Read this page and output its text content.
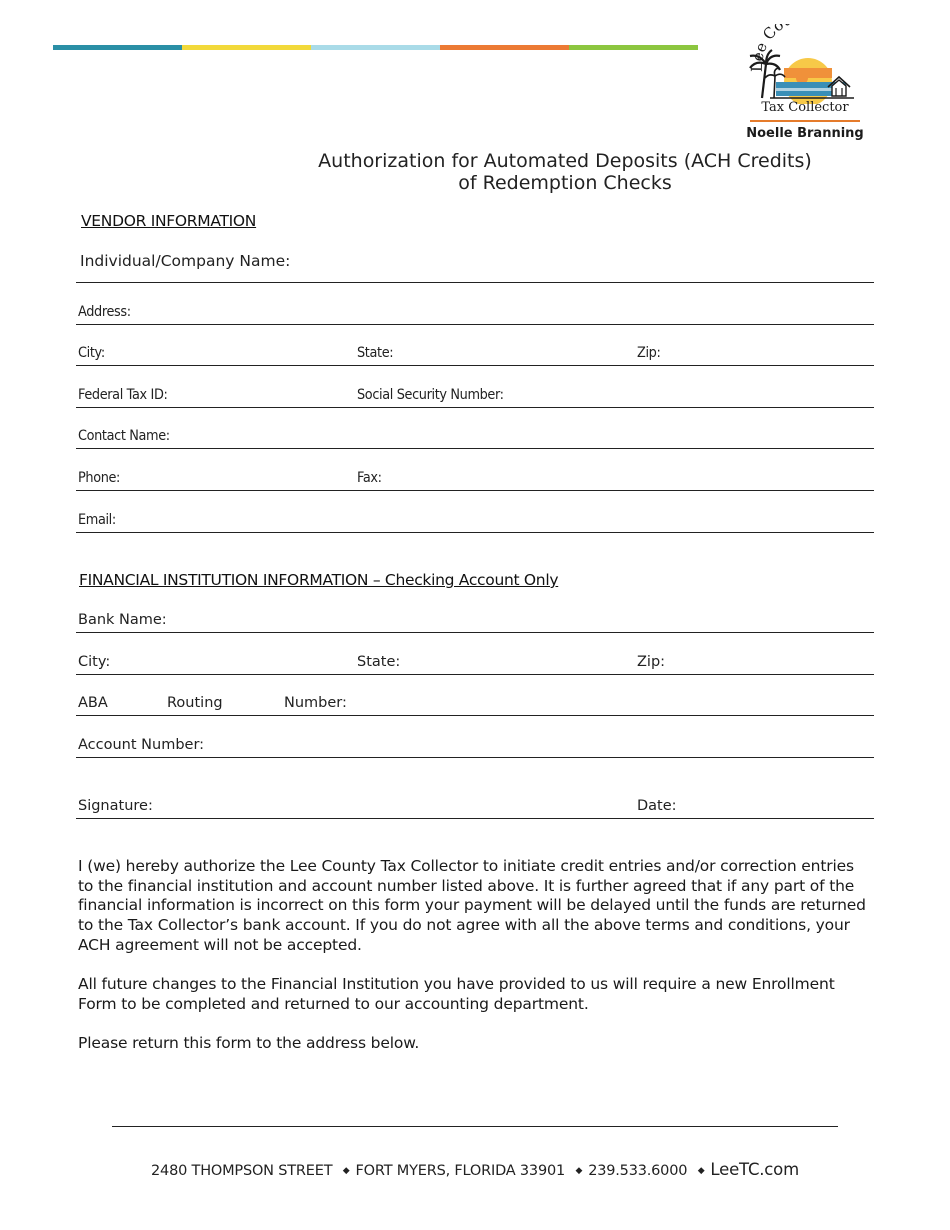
Lee Co
Tax Collector
Noelle Branning
Authorization for Automated Deposits (ACH Credits)
of Redemption Checks
VENDOR INFORMATION
Individual/Company Name:
Address:
City:	State:	Zip:
Federal Tax ID:	Social Security Number:
Contact Name:
Phone:	Fax:
Email:
FINANCIAL INSTITUTION INFORMATION – Checking Account Only
Bank Name:
City:	State:	Zip:
ABA	Routing	Number:
Account Number:
Signature:	Date:
I (we) hereby authorize the Lee County Tax Collector to initiate credit entries and/or correction entries to the financial institution and account number listed above. It is further agreed that if any part of the financial information is incorrect on this form your payment will be delayed until the funds are returned to the Tax Collector’s bank account. If you do not agree with all the above terms and conditions, your ACH agreement will not be accepted.
All future changes to the Financial Institution you have provided to us will require a new Enrollment Form to be completed and returned to our accounting department.
Please return this form to the address below.
2480 THOMPSON STREET ◆ FORT MYERS, FLORIDA 33901 ◆ 239.533.6000 ◆ LeeTC.com
